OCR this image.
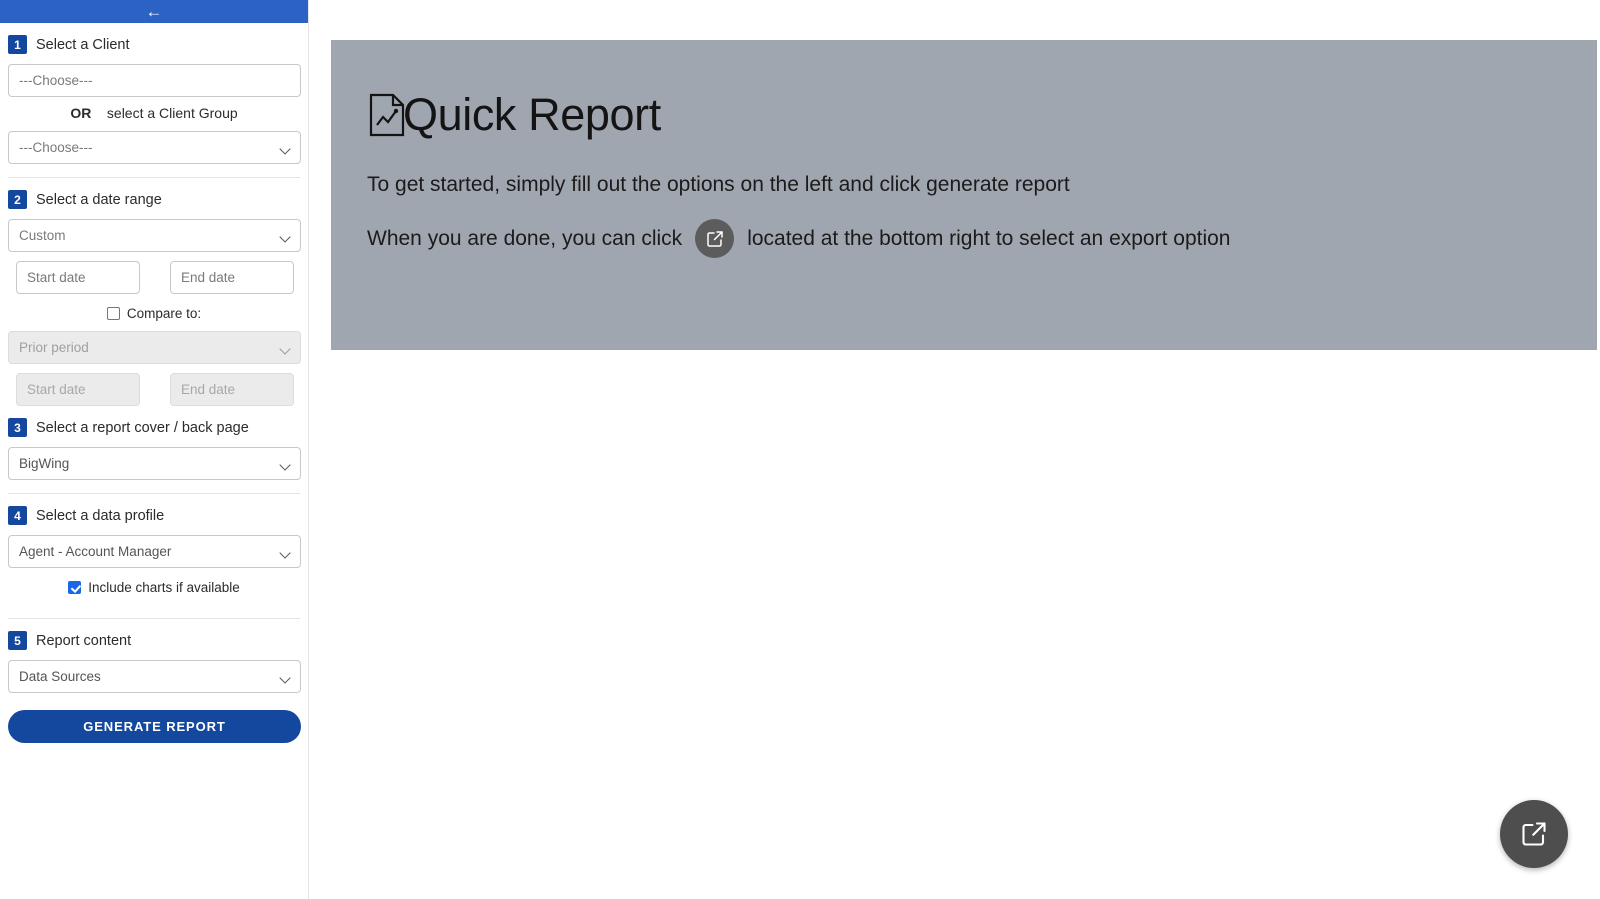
←
1	Select a Client
---Choose---
OR select a Client Group
---Choose---
2	Select a date range
Custom
Start date	End date
Compare to:
Prior period
Start date	End date
3	Select a report cover / back page
BigWing
4	Select a data profile
Agent - Account Manager
Include charts if available
5	Report content
Data Sources
GENERATE REPORT
Quick Report
To get started, simply fill out the options on the left and click generate report
When you are done, you can click	located at the bottom right to select an export option
